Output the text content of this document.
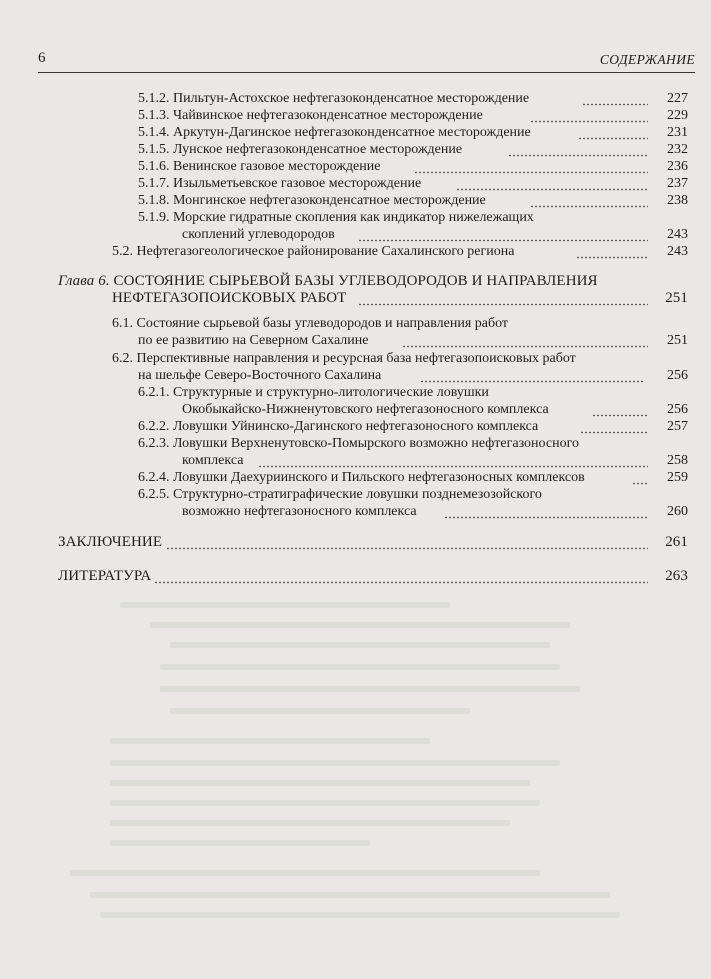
6	СОДЕРЖАНИЕ
5.1.2. Пильтун-Астохское нефтегазоконденсатное месторождение	227
5.1.3. Чайвинское нефтегазоконденсатное месторождение	229
5.1.4. Аркутун-Дагинское нефтегазоконденсатное месторождение	231
5.1.5. Лунское нефтегазоконденсатное месторождение	232
5.1.6. Венинское газовое месторождение	236
5.1.7. Изыльметьевское газовое месторождение	237
5.1.8. Монгинское нефтегазоконденсатное месторождение	238
5.1.9. Морские гидратные скопления как индикатор нижележащих
скоплений углеводородов	243
5.2. Нефтегазогеологическое районирование Сахалинского региона	243
Глава 6. СОСТОЯНИЕ СЫРЬЕВОЙ БАЗЫ УГЛЕВОДОРОДОВ И НАПРАВЛЕНИЯ
НЕФТЕГАЗОПОИСКОВЫХ РАБОТ	251
6.1. Состояние сырьевой базы углеводородов и направления работ
по ее развитию на Северном Сахалине	251
6.2. Перспективные направления и ресурсная база нефтегазопоисковых работ
на шельфе Северо-Восточного Сахалина	256
6.2.1. Структурные и структурно-литологические ловушки
Окобыкайско-Нижненутовского нефтегазоносного комплекса	256
6.2.2. Ловушки Уйнинско-Дагинского нефтегазоносного комплекса	257
6.2.3. Ловушки Верхненутовско-Помырского возможно нефтегазоносного
комплекса	258
6.2.4. Ловушки Даехуриинского и Пильского нефтегазоносных комплексов	259
6.2.5. Структурно-стратиграфические ловушки позднемезозойского
возможно нефтегазоносного комплекса	260
ЗАКЛЮЧЕНИЕ	261
ЛИТЕРАТУРА	263
